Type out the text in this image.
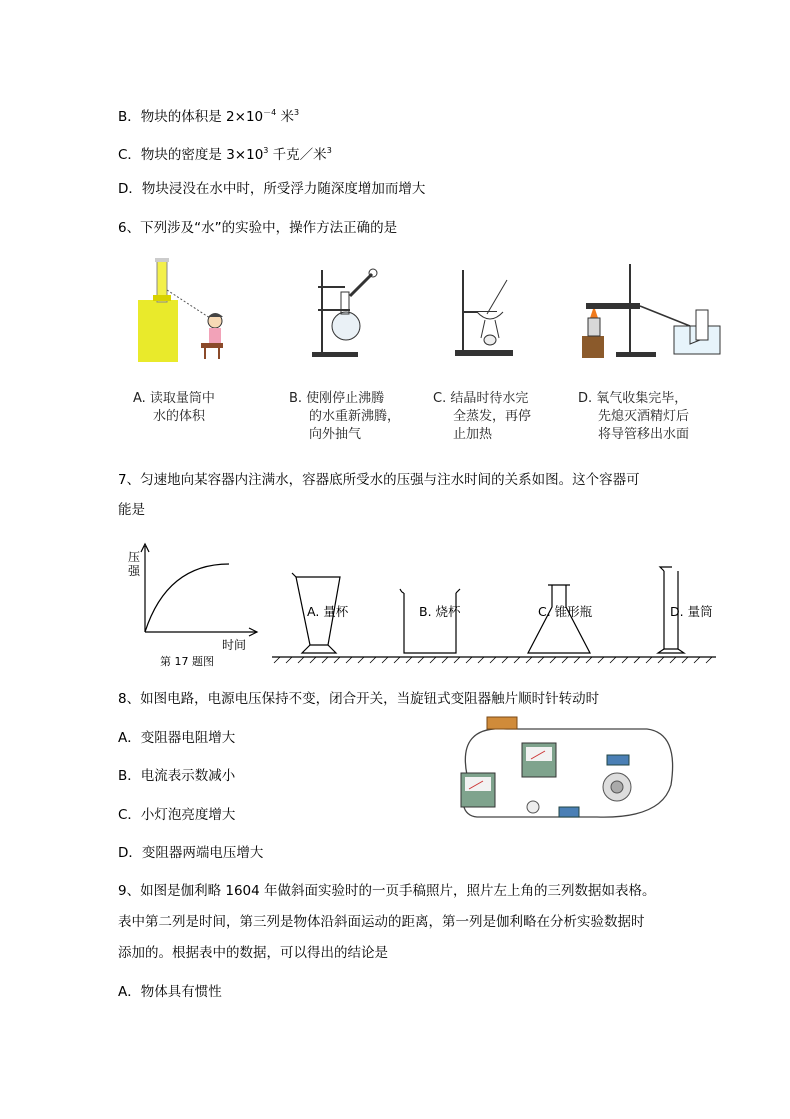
B．物块的体积是 $2\times 10^{-4}$ 米$^3$
C．物块的密度是 $3\times 10^3$ 千克／米$^3$
D．物块浸没在水中时，所受浮力随深度增加而增大
6、下列涉及“水”的实验中，操作方法正确的是
A. 读取量筒中
水的体积
B. 使刚停止沸腾
的水重新沸腾，
向外抽气
C. 结晶时待水完
全蒸发，再停
止加热
D. 氧气收集完毕，
先熄灭酒精灯后
将导管移出水面
7、匀速地向某容器内注满水，容器底所受水的压强与注水时间的关系如图。这个容器可
能是
压
强
时间
第 17 题图
A. 量杯	B. 烧杯	C. 锥形瓶	D. 量筒
8、如图电路，电源电压保持不变，闭合开关，当旋钮式变阻器触片顺时针转动时
A．变阻器电阻增大
B．电流表示数减小
C．小灯泡亮度增大
D．变阻器两端电压增大
9、如图是伽利略 1604 年做斜面实验时的一页手稿照片，照片左上角的三列数据如表格。
表中第二列是时间，第三列是物体沿斜面运动的距离，第一列是伽利略在分析实验数据时
添加的。根据表中的数据，可以得出的结论是
A．物体具有惯性
